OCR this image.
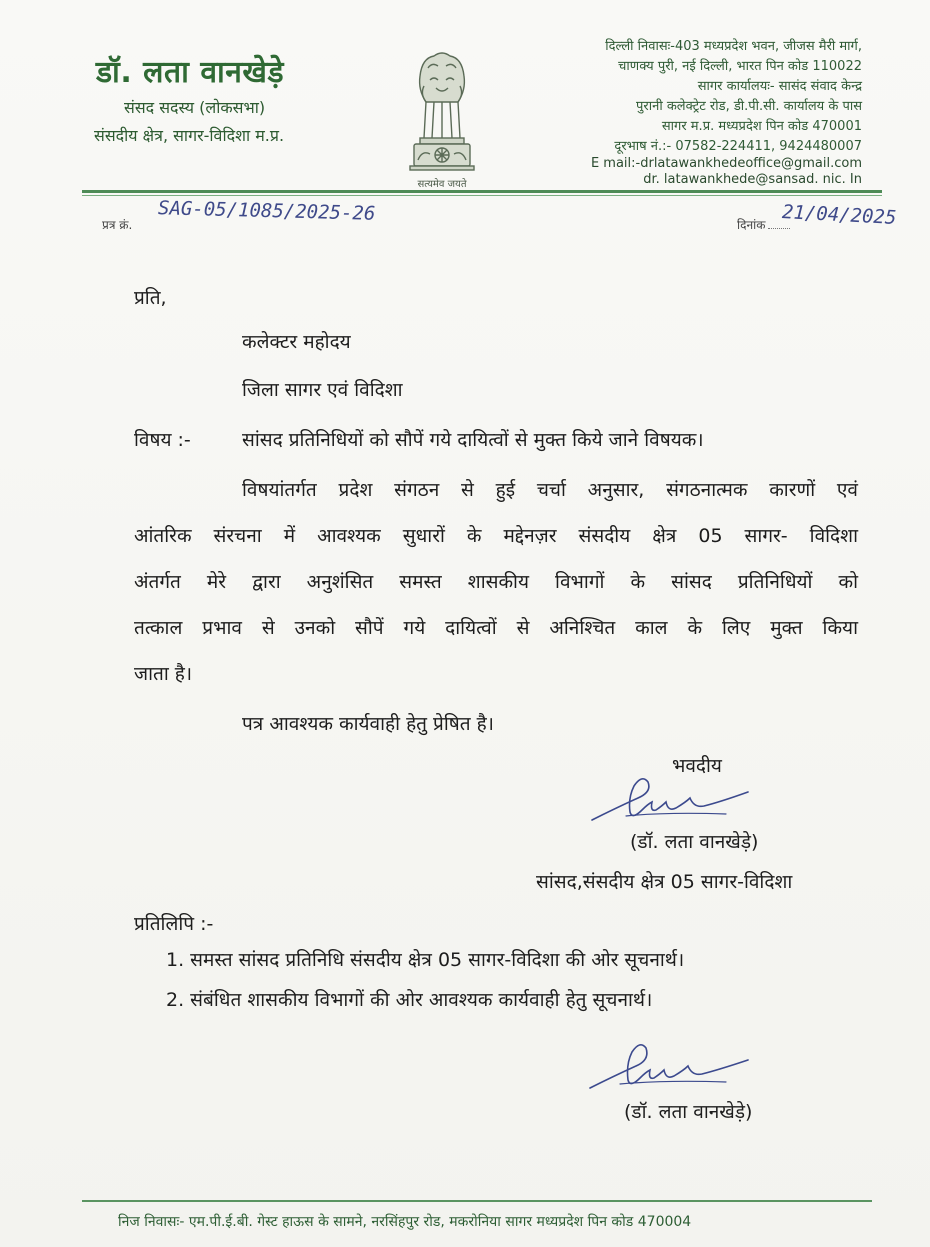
डॉ. लता वानखेड़े
संसद सदस्य (लोकसभा)
संसदीय क्षेत्र, सागर-विदिशा म.प्र.
सत्यमेव जयते
दिल्ली निवासः-403 मध्यप्रदेश भवन, जीजस मैरी मार्ग,
चाणक्य पुरी, नई दिल्ली, भारत पिन कोड 110022
सागर कार्यालयः- सासंद संवाद केन्द्र
पुरानी कलेक्ट्रेट रोड, डी.पी.सी. कार्यालय के पास
सागर म.प्र. मध्यप्रदेश पिन कोड 470001
दूरभाष नं.:- 07582-224411, 9424480007
E mail:-drlatawankhedeoffice@gmail.com
dr. latawankhede@sansad. nic. In
प्रत्र क्रं.
SAG-05/1085/2025-26
दिनांक 21/04/2025
प्रति,
कलेक्टर महोदय
जिला सागर एवं विदिशा
विषय :-	सांसद प्रतिनिधियों को सौपें गये दायित्वों से मुक्त किये जाने विषयक।
विषयांतर्गत प्रदेश संगठन से हुई चर्चा अनुसार, संगठनात्मक कारणों एवं
आंतरिक संरचना में आवश्यक सुधारों के मद्देनज़र संसदीय क्षेत्र 05 सागर- विदिशा
अंतर्गत मेरे द्वारा अनुशंसित समस्त शासकीय विभागों के सांसद प्रतिनिधियों को
तत्काल प्रभाव से उनको सौपें गये दायित्वों से अनिश्चित काल के लिए मुक्त किया
जाता है।
पत्र आवश्यक कार्यवाही हेतु प्रेषित है।
भवदीय
(डॉ. लता वानखेड़े)
सांसद,संसदीय क्षेत्र 05 सागर-विदिशा
प्रतिलिपि :-
1. समस्त सांसद प्रतिनिधि संसदीय क्षेत्र 05 सागर-विदिशा की ओर सूचनार्थ।
2. संबंधित शासकीय विभागों की ओर आवश्यक कार्यवाही हेतु सूचनार्थ।
(डॉ. लता वानखेड़े)
निज निवासः- एम.पी.ई.बी. गेस्ट हाऊस के सामने, नरसिंहपुर रोड, मकरोनिया सागर मध्यप्रदेश पिन कोड 470004
